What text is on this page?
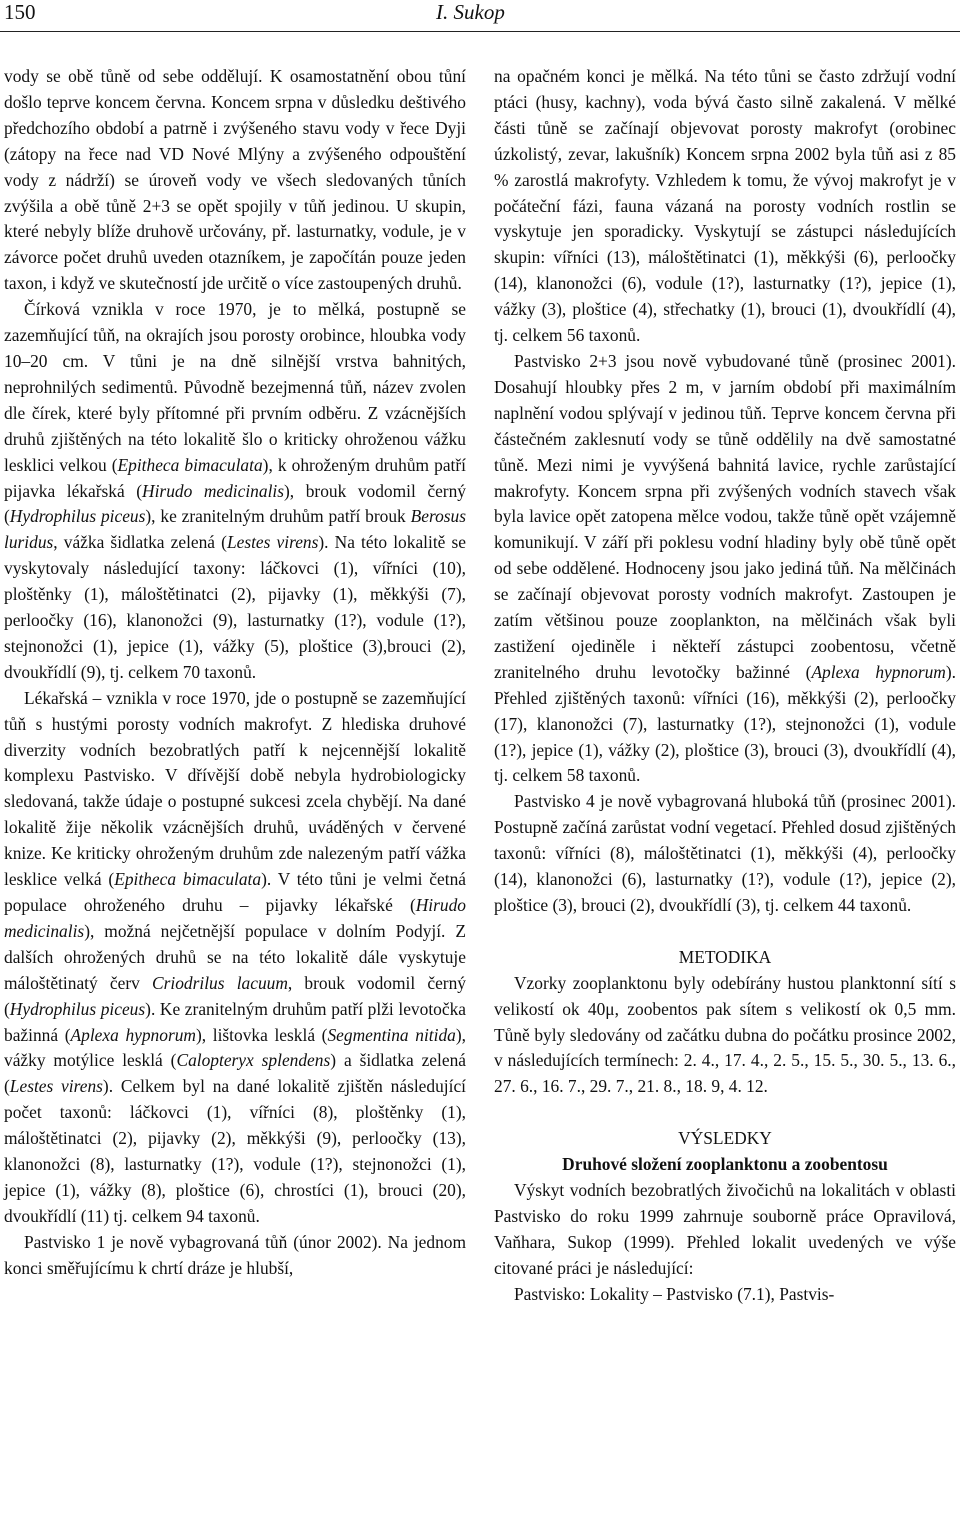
150	I. Sukop

vody se obě tůně od sebe oddělují. K osamostatnění obou tůní došlo teprve koncem června. Koncem srpna v důsledku deštivého předchozího období a patrně i zvýšeného stavu vody v řece Dyji (zátopy na řece nad VD Nové Mlýny a zvýšeného odpouštění vody z nádrží) se úroveň vody ve všech sledovaných tůních zvýšila a obě tůně 2+3 se opět spojily v tůň jedinou. U skupin, které nebyly blíže druhově určovány, př. lasturnatky, vodule, je v závorce počet druhů uveden otazníkem, je započítán pouze jeden taxon, i když ve skutečností jde určitě o více zastoupených druhů.

Čírková vznikla v roce 1970, je to mělká, postupně se zazemňující tůň, na okrajích jsou porosty orobince, hloubka vody 10–20 cm. V tůni je na dně silnější vrstva bahnitých, neprohnilých sedimentů. Původně bezejmenná tůň, název zvolen dle čírek, které byly přítomné při prvním odběru. Z vzácnějších druhů zjištěných na této lokalitě šlo o kriticky ohroženou vážku lesklici velkou (Epitheca bimaculata), k ohroženým druhům patří pijavka lékařská (Hirudo medicinalis), brouk vodomil černý (Hydrophilus piceus), ke zranitelným druhům patří brouk Berosus luridus, vážka šidlatka zelená (Lestes virens). Na této lokalitě se vyskytovaly následující taxony: láčkovci (1), vířníci (10), ploštěnky (1), máloštětinatci (2), pijavky (1), měkkýši (7), perloočky (16), klanonožci (9), lasturnatky (1?), vodule (1?), stejnonožci (1), jepice (1), vážky (5), ploštice (3),brouci (2), dvoukřídlí (9), tj. celkem 70 taxonů.

Lékařská – vznikla v roce 1970, jde o postupně se zazemňující tůň s hustými porosty vodních makrofyt. Z hlediska druhové diverzity vodních bezobratlých patří k nejcennější lokalitě komplexu Pastvisko. V dřívější době nebyla hydrobiologicky sledovaná, takže údaje o postupné sukcesi zcela chybějí. Na dané lokalitě žije několik vzácnějších druhů, uváděných v červené knize. Ke kriticky ohroženým druhům zde nalezeným patří vážka lesklice velká (Epitheca bimaculata). V této tůni je velmi četná populace ohroženého druhu – pijavky lékařské (Hirudo medicinalis), možná nejčetnější populace v dolním Podyjí. Z dalších ohrožených druhů se na této lokalitě dále vyskytuje máloštětinatý červ Criodrilus lacuum, brouk vodomil černý (Hydrophilus piceus). Ke zranitelným druhům patří plži levotočka bažinná (Aplexa hypnorum), lištovka lesklá (Segmentina nitida), vážky motýlice lesklá (Calopteryx splendens) a šidlatka zelená (Lestes virens). Celkem byl na dané lokalitě zjištěn následující počet taxonů: láčkovci (1), vířníci (8), ploštěnky (1), máloštětinatci (2), pijavky (2), měkkýši (9), perloočky (13), klanonožci (8), lasturnatky (1?), vodule (1?), stejnonožci (1), jepice (1), vážky (8), ploštice (6), chrostíci (1), brouci (20), dvoukřídlí (11) tj. celkem 94 taxonů.

Pastvisko 1 je nově vybagrovaná tůň (únor 2002). Na jednom konci směřujícímu k chrtí dráze je hlubší,

na opačném konci je mělká. Na této tůni se často zdržují vodní ptáci (husy, kachny), voda bývá často silně zakalená. V mělké části tůně se začínají objevovat porosty makrofyt (orobinec úzkolistý, zevar, lakušník) Koncem srpna 2002 byla tůň asi z 85 % zarostlá makrofyty. Vzhledem k tomu, že vývoj makrofyt je v počáteční fázi, fauna vázaná na porosty vodních rostlin se vyskytuje jen sporadicky. Vyskytují se zástupci následujících skupin: vířníci (13), máloštětinatci (1), měkkýši (6), perloočky (14), klanonožci (6), vodule (1?), lasturnatky (1?), jepice (1), vážky (3), ploštice (4), střechatky (1), brouci (1), dvoukřídlí (4), tj. celkem 56 taxonů.

Pastvisko 2+3 jsou nově vybudované tůně (prosinec 2001). Dosahují hloubky přes 2 m, v jarním období při maximálním naplnění vodou splývají v jedinou tůň. Teprve koncem června při částečném zaklesnutí vody se tůně oddělily na dvě samostatné tůně. Mezi nimi je vyvýšená bahnitá lavice, rychle zarůstající makrofyty. Koncem srpna při zvýšených vodních stavech však byla lavice opět zatopena mělce vodou, takže tůně opět vzájemně komunikují. V září při poklesu vodní hladiny byly obě tůně opět od sebe oddělené. Hodnoceny jsou jako jediná tůň. Na mělčinách se začínají objevovat porosty vodních makrofyt. Zastoupen je zatím většinou pouze zooplankton, na mělčinách však byli zastižení ojediněle i někteří zástupci zoobentosu, včetně zranitelného druhu levotočky bažinné (Aplexa hypnorum). Přehled zjištěných taxonů: vířníci (16), měkkýši (2), perloočky (17), klanonožci (7), lasturnatky (1?), stejnonožci (1), vodule (1?), jepice (1), vážky (2), ploštice (3), brouci (3), dvoukřídlí (4), tj. celkem 58 taxonů.

Pastvisko 4 je nově vybagrovaná hluboká tůň (prosinec 2001). Postupně začíná zarůstat vodní vegetací. Přehled dosud zjištěných taxonů: vířníci (8), máloštětinatci (1), měkkýši (4), perloočky (14), klanonožci (6), lasturnatky (1?), vodule (1?), jepice (2), ploštice (3), brouci (2), dvoukřídlí (3), tj. celkem 44 taxonů.

METODIKA

Vzorky zooplanktonu byly odebírány hustou planktonní sítí s velikostí ok 40μ, zoobentos pak sítem s velikostí ok 0,5 mm. Tůně byly sledovány od začátku dubna do počátku prosince 2002, v následujících termínech: 2. 4., 17. 4., 2. 5., 15. 5., 30. 5., 13. 6., 27. 6., 16. 7., 29. 7., 21. 8., 18. 9, 4. 12.

VÝSLEDKY

Druhové složení zooplanktonu a zoobentosu

Výskyt vodních bezobratlých živočichů na lokalitách v oblasti Pastvisko do roku 1999 zahrnuje souborně práce Opravilová, Vaňhara, Sukop (1999). Přehled lokalit uvedených ve výše citované práci je následující:

Pastvisko: Lokality – Pastvisko (7.1), Pastvis-
